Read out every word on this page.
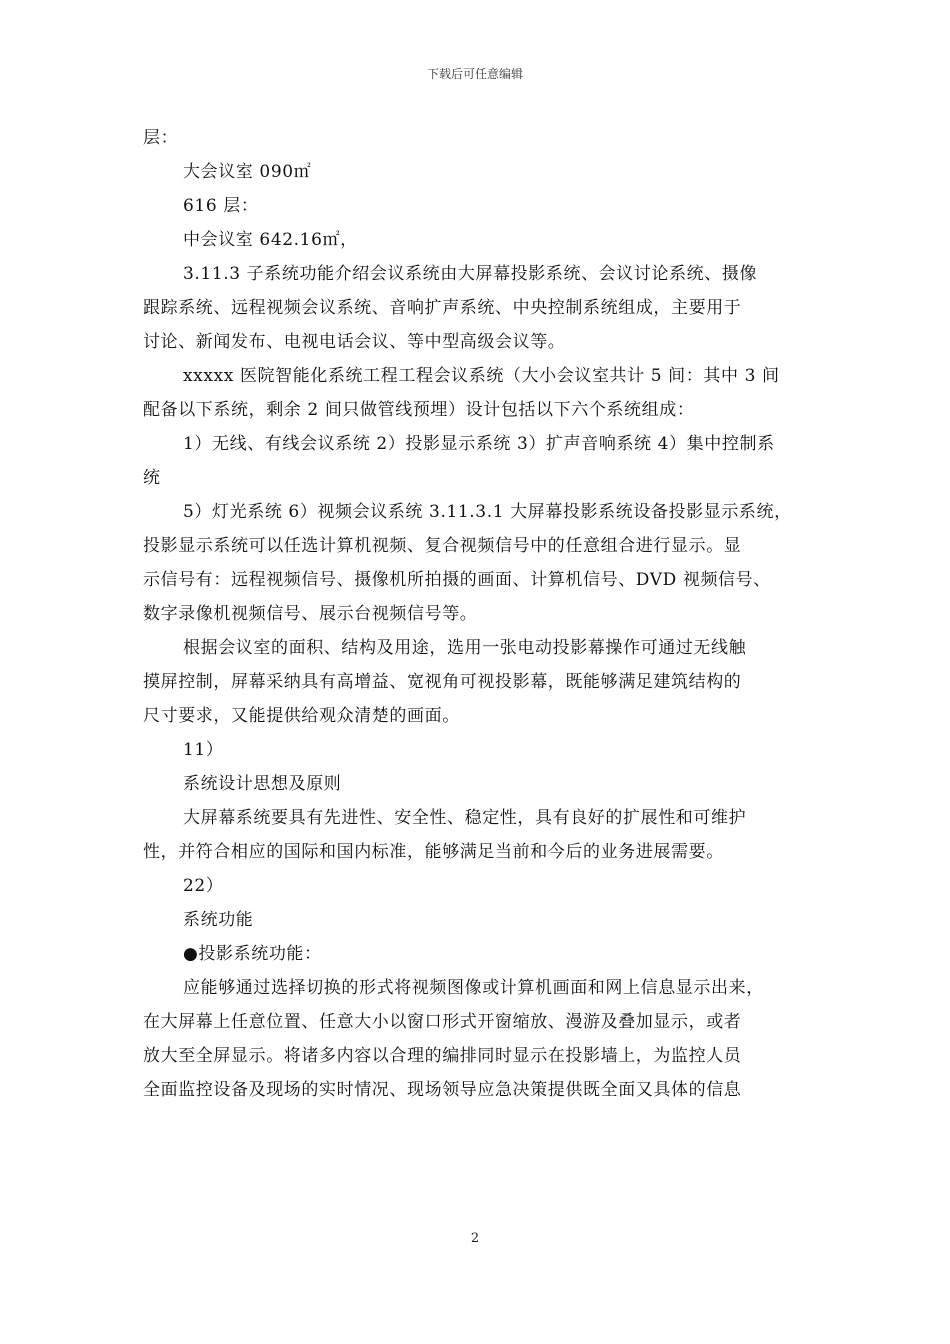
下载后可任意编辑
层：
大会议室 090㎡
616 层：
中会议室 642.16㎡，
3.11.3 子系统功能介绍会议系统由大屏幕投影系统、会议讨论系统、摄像
跟踪系统、远程视频会议系统、音响扩声系统、中央控制系统组成，主要用于
讨论、新闻发布、电视电话会议、等中型高级会议等。
xxxxx 医院智能化系统工程工程会议系统（大小会议室共计 5 间：其中 3 间
配备以下系统，剩余 2 间只做管线预埋）设计包括以下六个系统组成：
1）无线、有线会议系统 2）投影显示系统 3）扩声音响系统 4）集中控制系
统
5）灯光系统 6）视频会议系统 3.11.3.1 大屏幕投影系统设备投影显示系统，
投影显示系统可以任选计算机视频、复合视频信号中的任意组合进行显示。显
示信号有：远程视频信号、摄像机所拍摄的画面、计算机信号、DVD 视频信号、
数字录像机视频信号、展示台视频信号等。
根据会议室的面积、结构及用途，选用一张电动投影幕操作可通过无线触
摸屏控制，屏幕采纳具有高增益、宽视角可视投影幕，既能够满足建筑结构的
尺寸要求，又能提供给观众清楚的画面。
11）
系统设计思想及原则
大屏幕系统要具有先进性、安全性、稳定性，具有良好的扩展性和可维护
性，并符合相应的国际和国内标准，能够满足当前和今后的业务进展需要。
22）
系统功能
●投影系统功能：
应能够通过选择切换的形式将视频图像或计算机画面和网上信息显示出来，
在大屏幕上任意位置、任意大小以窗口形式开窗缩放、漫游及叠加显示，或者
放大至全屏显示。将诸多内容以合理的编排同时显示在投影墙上，为监控人员
全面监控设备及现场的实时情况、现场领导应急决策提供既全面又具体的信息
2
